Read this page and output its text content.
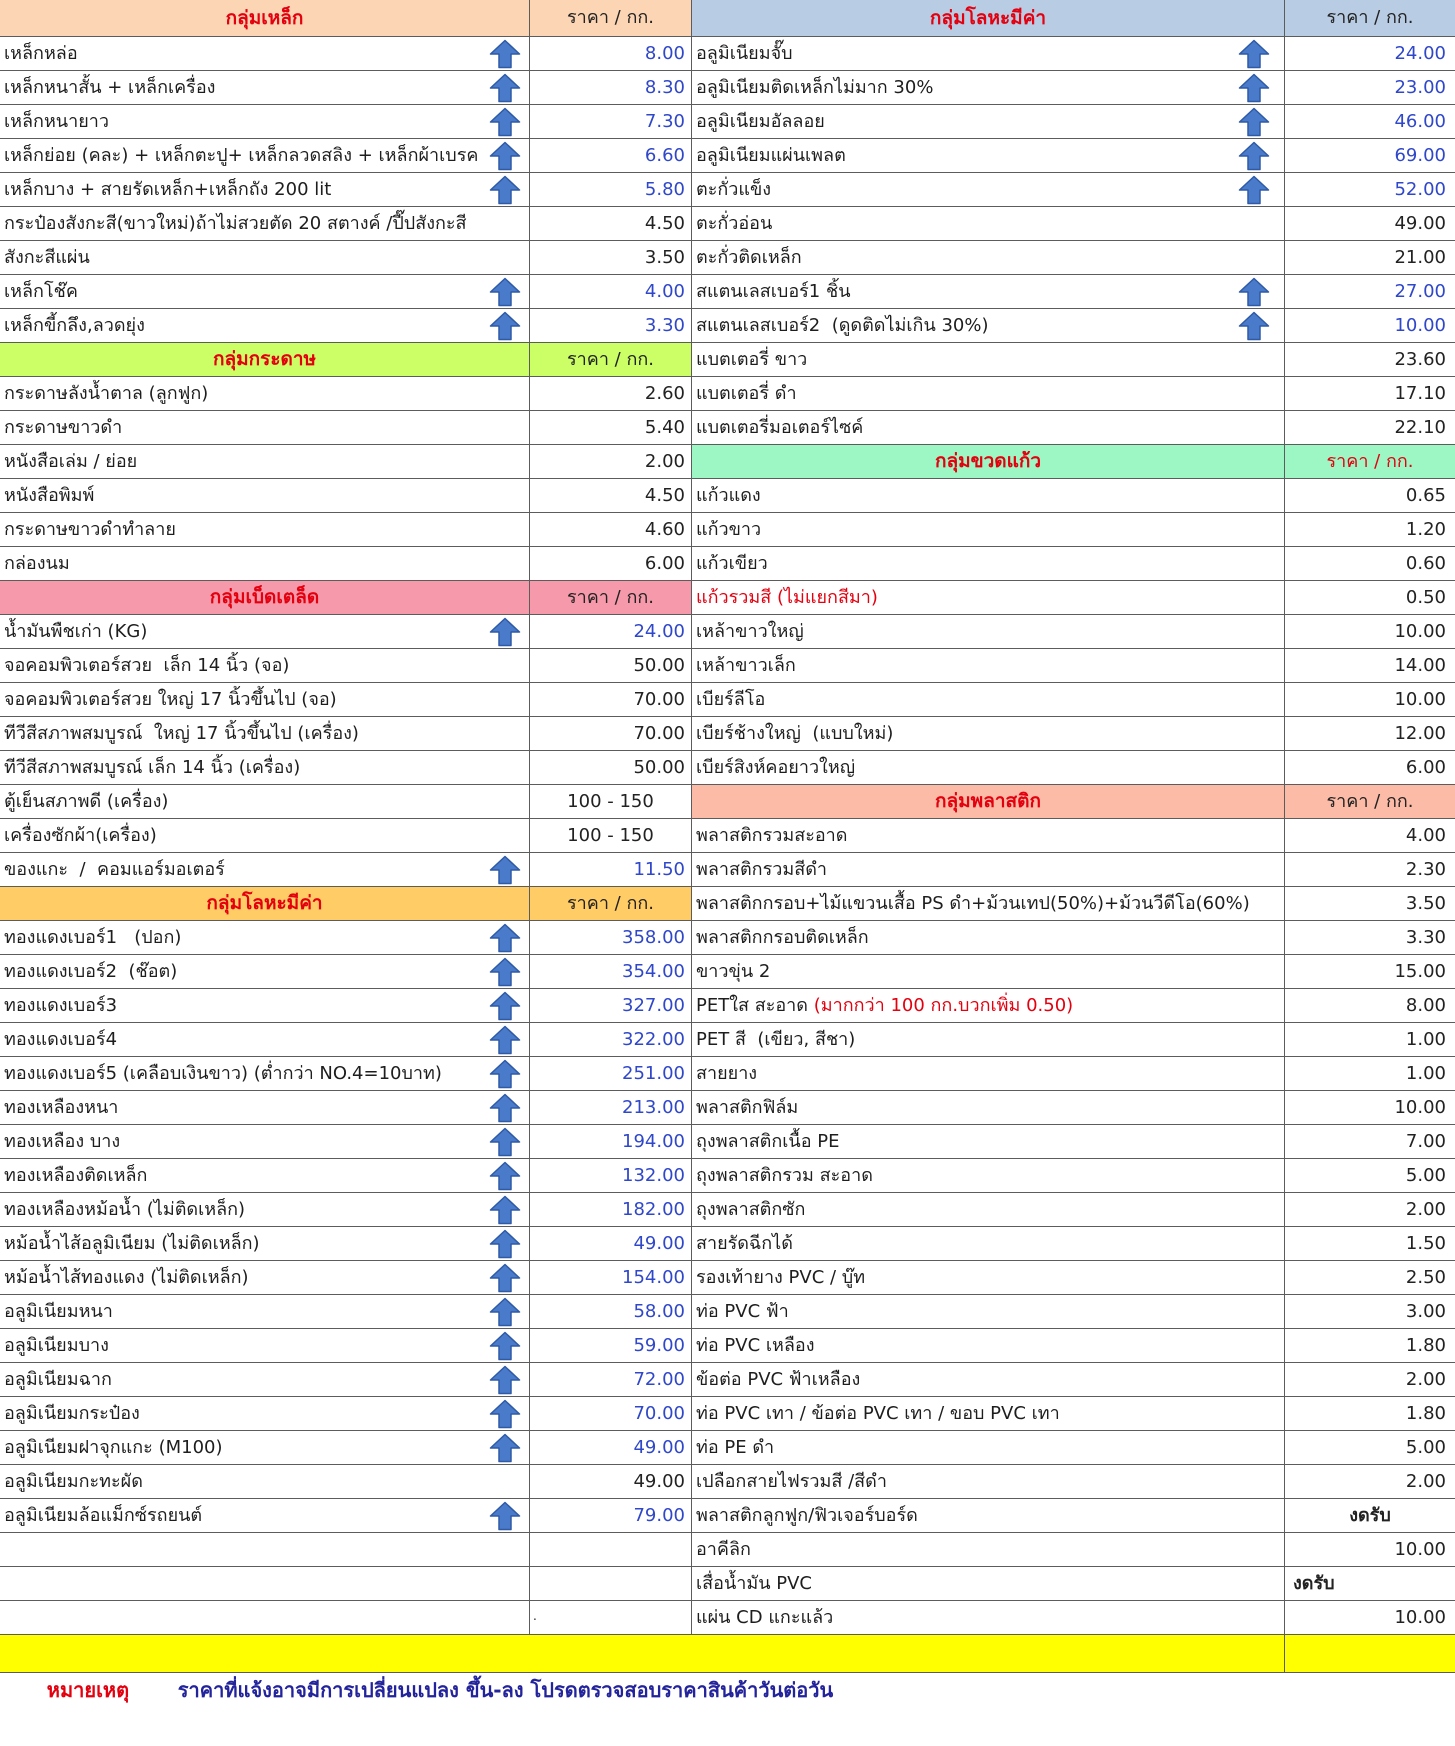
กลุ่มเหล็ก	ราคา / กก.
เหล็กหล่อ	8.00
เหล็กหนาสั้น + เหล็กเครื่อง	8.30
เหล็กหนายาว	7.30
เหล็กย่อย (คละ) + เหล็กตะปู+ เหล็กลวดสลิง + เหล็กผ้าเบรค	6.60
เหล็กบาง + สายรัดเหล็ก+เหล็กถัง 200 lit	5.80
กระป๋องสังกะสี(ขาวใหม่)ถ้าไม่สวยตัด 20 สตางค์ /ปี๊ปสังกะสี	4.50
สังกะสีแผ่น	3.50
เหล็กโช๊ค	4.00
เหล็กขี้กลึง,ลวดยุ่ง	3.30
กลุ่มกระดาษ	ราคา / กก.
กระดาษลังน้ำตาล (ลูกฟูก)	2.60
กระดาษขาวดำ	5.40
หนังสือเล่ม / ย่อย	2.00
หนังสือพิมพ์	4.50
กระดาษขาวดำทำลาย	4.60
กล่องนม	6.00
กลุ่มเบ็ดเตล็ด	ราคา / กก.
น้ำมันพืชเก่า (KG)	24.00
จอคอมพิวเตอร์สวย  เล็ก 14 นิ้ว (จอ)	50.00
จอคอมพิวเตอร์สวย ใหญ่ 17 นิ้วขึ้นไป (จอ)	70.00
ทีวีสีสภาพสมบูรณ์  ใหญ่ 17 นิ้วขึ้นไป (เครื่อง)	70.00
ทีวีสีสภาพสมบูรณ์ เล็ก 14 นิ้ว (เครื่อง)	50.00
ตู้เย็นสภาพดี (เครื่อง)	100 - 150
เครื่องซักผ้า(เครื่อง)	100 - 150
ของแกะ  /  คอมแอร์มอเตอร์	11.50
กลุ่มโลหะมีค่า	ราคา / กก.
ทองแดงเบอร์1   (ปอก)	358.00
ทองแดงเบอร์2  (ช๊อต)	354.00
ทองแดงเบอร์3	327.00
ทองแดงเบอร์4	322.00
ทองแดงเบอร์5 (เคลือบเงินขาว) (ต่ำกว่า NO.4=10บาท)	251.00
ทองเหลืองหนา	213.00
ทองเหลือง บาง	194.00
ทองเหลืองติดเหล็ก	132.00
ทองเหลืองหม้อน้ำ (ไม่ติดเหล็ก)	182.00
หม้อน้ำไส้อลูมิเนียม (ไม่ติดเหล็ก)	49.00
หม้อน้ำไส้ทองแดง (ไม่ติดเหล็ก)	154.00
อลูมิเนียมหนา	58.00
อลูมิเนียมบาง	59.00
อลูมิเนียมฉาก	72.00
อลูมิเนียมกระป๋อง	70.00
อลูมิเนียมฝาจุกแกะ (M100)	49.00
อลูมิเนียมกะทะผัด	49.00
อลูมิเนียมล้อแม็กซ์รถยนต์	79.00
.
กลุ่มโลหะมีค่า	ราคา / กก.
อลูมิเนียมจั๊บ	24.00
อลูมิเนียมติดเหล็กไม่มาก 30%	23.00
อลูมิเนียมอัลลอย	46.00
อลูมิเนียมแผ่นเพลต	69.00
ตะกั่วแข็ง	52.00
ตะกั่วอ่อน	49.00
ตะกั่วติดเหล็ก	21.00
สแตนเลสเบอร์1 ชิ้น	27.00
สแตนเลสเบอร์2  (ดูดติดไม่เกิน 30%)	10.00
แบตเตอรี่ ขาว	23.60
แบตเตอรี่ ดำ	17.10
แบตเตอรี่มอเตอร์ไซค์	22.10
กลุ่มขวดแก้ว	ราคา / กก.
แก้วแดง	0.65
แก้วขาว	1.20
แก้วเขียว	0.60
แก้วรวมสี (ไม่แยกสีมา)	0.50
เหล้าขาวใหญ่	10.00
เหล้าขาวเล็ก	14.00
เบียร์ลีโอ	10.00
เบียร์ช้างใหญ่  (แบบใหม่)	12.00
เบียร์สิงห์คอยาวใหญ่	6.00
กลุ่มพลาสติก	ราคา / กก.
พลาสติกรวมสะอาด	4.00
พลาสติกรวมสีดำ	2.30
พลาสติกกรอบ+ไม้แขวนเสื้อ PS ดำ+ม้วนเทป(50%)+ม้วนวีดีโอ(60%)	3.50
พลาสติกกรอบติดเหล็ก	3.30
ขาวขุ่น 2	15.00
PETใส สะอาด (มากกว่า 100 กก.บวกเพิ่ม 0.50)	8.00
PET สี  (เขียว, สีชา)	1.00
สายยาง	1.00
พลาสติกฟิล์ม	10.00
ถุงพลาสติกเนื้อ PE	7.00
ถุงพลาสติกรวม สะอาด	5.00
ถุงพลาสติกซัก	2.00
สายรัดฉีกได้	1.50
รองเท้ายาง PVC / บู๊ท	2.50
ท่อ PVC ฟ้า	3.00
ท่อ PVC เหลือง	1.80
ข้อต่อ PVC ฟ้าเหลือง	2.00
ท่อ PVC เทา / ข้อต่อ PVC เทา / ขอบ PVC เทา	1.80
ท่อ PE ดำ	5.00
เปลือกสายไฟรวมสี /สีดำ	2.00
พลาสติกลูกฟูก/ฟิวเจอร์บอร์ด	งดรับ
อาคีลิก	10.00
เสื่อน้ำมัน PVC	งดรับ
แผ่น CD แกะแล้ว	10.00

หมายเหตุ ราคาที่แจ้งอาจมีการเปลี่ยนแปลง ขึ้น-ลง โปรดตรวจสอบราคาสินค้าวันต่อวัน
